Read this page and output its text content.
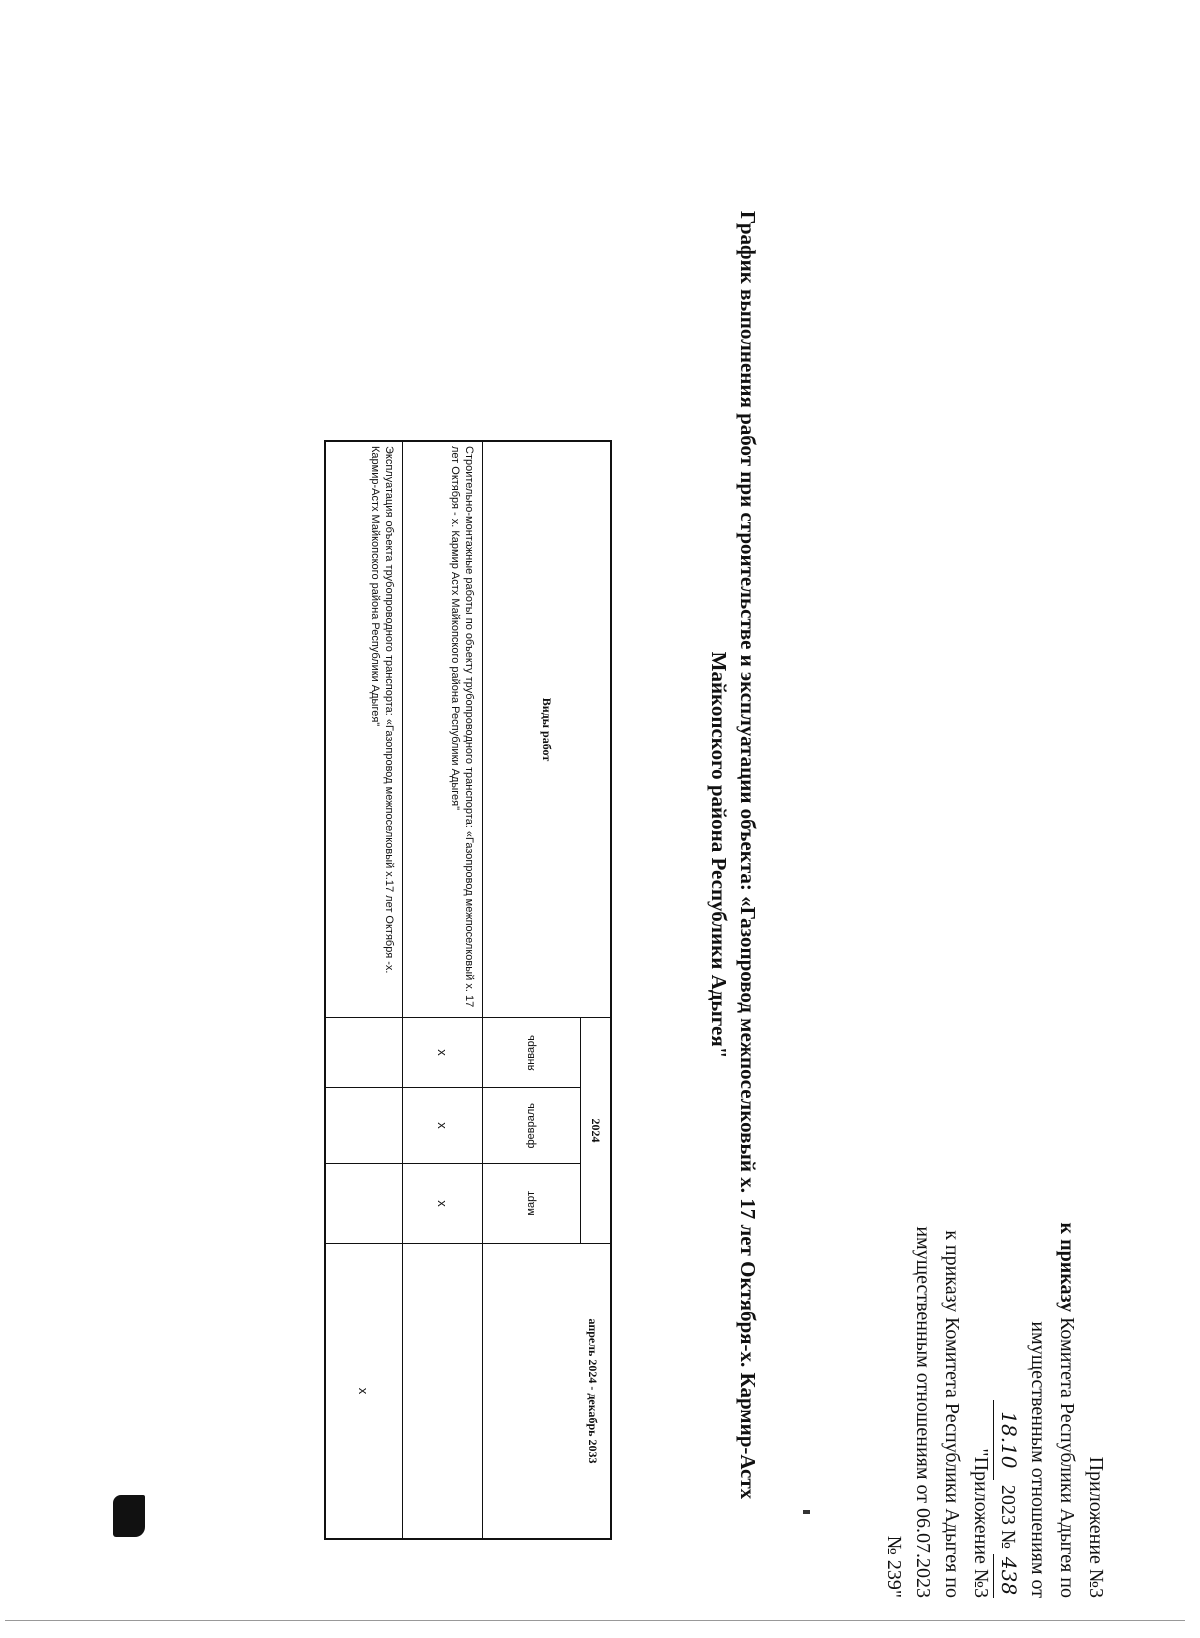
Приложение №3
к приказу Комитета Республики Адыгея по
имущественным отношениям от
18.10 2023 № 438
"Приложение №3
к приказу Комитета Республики Адыгея по
имущественным отношениям от 06.07.2023
№ 239"
График выполнения работ при строительстве и эксплуатации объекта: «Газопровод межпоселковый х. 17 лет Октября-х. Кармир-Астх
Майкопского района Республики Адыгея"
Виды работ
2024
январь
февраль
март
апрель 2024 - декабрь 2033
Строительно-монтажные работы по объекту трубопроводного транспорта: «Газопровод межпоселковый х. 17 лет Октября - х. Кармир Астх Майкопского района Республики Адыгея"
x
x
x
Эксплуатация объекта трубопроводного транспорта: «Газопровод межпоселковый х.17 лет Октября -х. Кармир-Астх Майкопского района Республики Адыгея"
x
